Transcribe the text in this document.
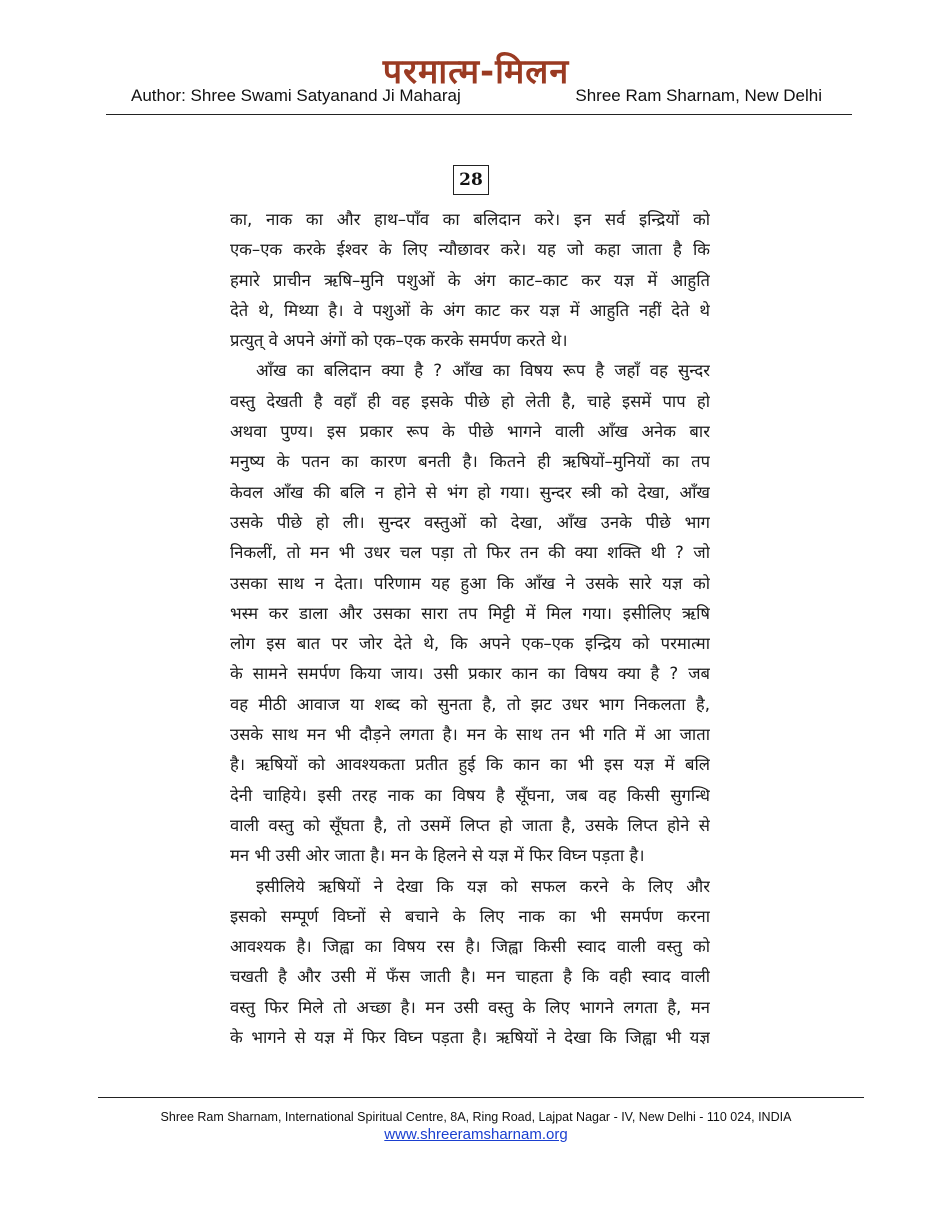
परमात्म-मिलन
Author: Shree Swami Satyanand Ji Maharaj	Shree Ram Sharnam, New Delhi
28
का, नाक का और हाथ–पाँव का बलिदान करे। इन सर्व इन्द्रियों को
एक–एक करके ईश्वर के लिए न्यौछावर करे। यह जो कहा जाता है कि
हमारे प्राचीन ऋषि–मुनि पशुओं के अंग काट–काट कर यज्ञ में आहुति
देते थे, मिथ्या है। वे पशुओं के अंग काट कर यज्ञ में आहुति नहीं देते थे
प्रत्युत् वे अपने अंगों को एक–एक करके समर्पण करते थे।
आँख का बलिदान क्या है ? आँख का विषय रूप है जहाँ वह सुन्दर
वस्तु देखती है वहाँ ही वह इसके पीछे हो लेती है, चाहे इसमें पाप हो
अथवा पुण्य। इस प्रकार रूप के पीछे भागने वाली आँख अनेक बार
मनुष्य के पतन का कारण बनती है। कितने ही ऋषियों–मुनियों का तप
केवल आँख की बलि न होने से भंग हो गया। सुन्दर स्त्री को देखा, आँख
उसके पीछे हो ली। सुन्दर वस्तुओं को देखा, आँख उनके पीछे भाग
निकलीं, तो मन भी उधर चल पड़ा तो फिर तन की क्या शक्ति थी ? जो
उसका साथ न देता। परिणाम यह हुआ कि आँख ने उसके सारे यज्ञ को
भस्म कर डाला और उसका सारा तप मिट्टी में मिल गया। इसीलिए ऋषि
लोग इस बात पर जोर देते थे, कि अपने एक–एक इन्द्रिय को परमात्मा
के सामने समर्पण किया जाय। उसी प्रकार कान का विषय क्या है ? जब
वह मीठी आवाज या शब्द को सुनता है, तो झट उधर भाग निकलता है,
उसके साथ मन भी दौड़ने लगता है। मन के साथ तन भी गति में आ जाता
है। ऋषियों को आवश्यकता प्रतीत हुई कि कान का भी इस यज्ञ में बलि
देनी चाहिये। इसी तरह नाक का विषय है सूँघना, जब वह किसी सुगन्धि
वाली वस्तु को सूँघता है, तो उसमें लिप्त हो जाता है, उसके लिप्त होने से
मन भी उसी ओर जाता है। मन के हिलने से यज्ञ में फिर विघ्न पड़ता है।
इसीलिये ऋषियों ने देखा कि यज्ञ को सफल करने के लिए और
इसको सम्पूर्ण विघ्नों से बचाने के लिए नाक का भी समर्पण करना
आवश्यक है। जिह्वा का विषय रस है। जिह्वा किसी स्वाद वाली वस्तु को
चखती है और उसी में फँस जाती है। मन चाहता है कि वही स्वाद वाली
वस्तु फिर मिले तो अच्छा है। मन उसी वस्तु के लिए भागने लगता है, मन
के भागने से यज्ञ में फिर विघ्न पड़ता है। ऋषियों ने देखा कि जिह्वा भी यज्ञ
Shree Ram Sharnam, International Spiritual Centre, 8A, Ring Road, Lajpat Nagar - IV, New Delhi - 110 024, INDIA
www.shreeramsharnam.org
